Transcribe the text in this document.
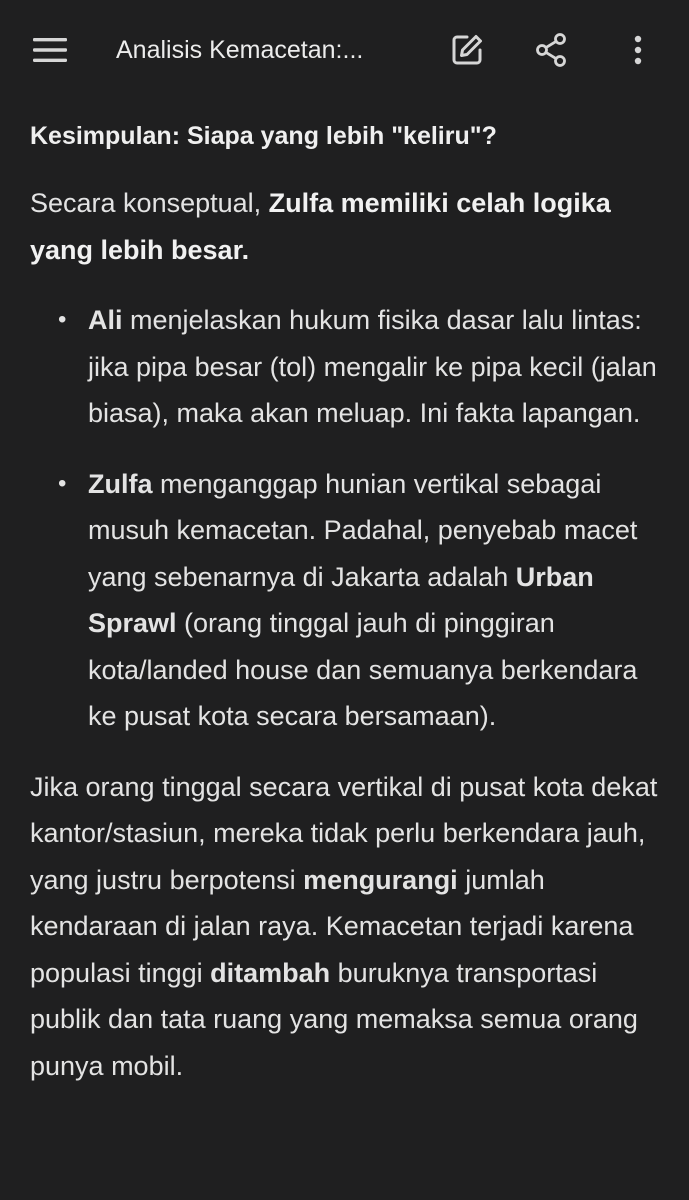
Analisis Kemacetan:...

Kesimpulan: Siapa yang lebih "keliru"?

Secara konseptual, Zulfa memiliki celah logika yang lebih besar.

• Ali menjelaskan hukum fisika dasar lalu lintas: jika pipa besar (tol) mengalir ke pipa kecil (jalan biasa), maka akan meluap. Ini fakta lapangan.
• Zulfa menganggap hunian vertikal sebagai musuh kemacetan. Padahal, penyebab macet yang sebenarnya di Jakarta adalah Urban Sprawl (orang tinggal jauh di pinggiran kota/landed house dan semuanya berkendara ke pusat kota secara bersamaan).

Jika orang tinggal secara vertikal di pusat kota dekat kantor/stasiun, mereka tidak perlu berkendara jauh, yang justru berpotensi mengurangi jumlah kendaraan di jalan raya. Kemacetan terjadi karena populasi tinggi ditambah buruknya transportasi publik dan tata ruang yang memaksa semua orang punya mobil.
